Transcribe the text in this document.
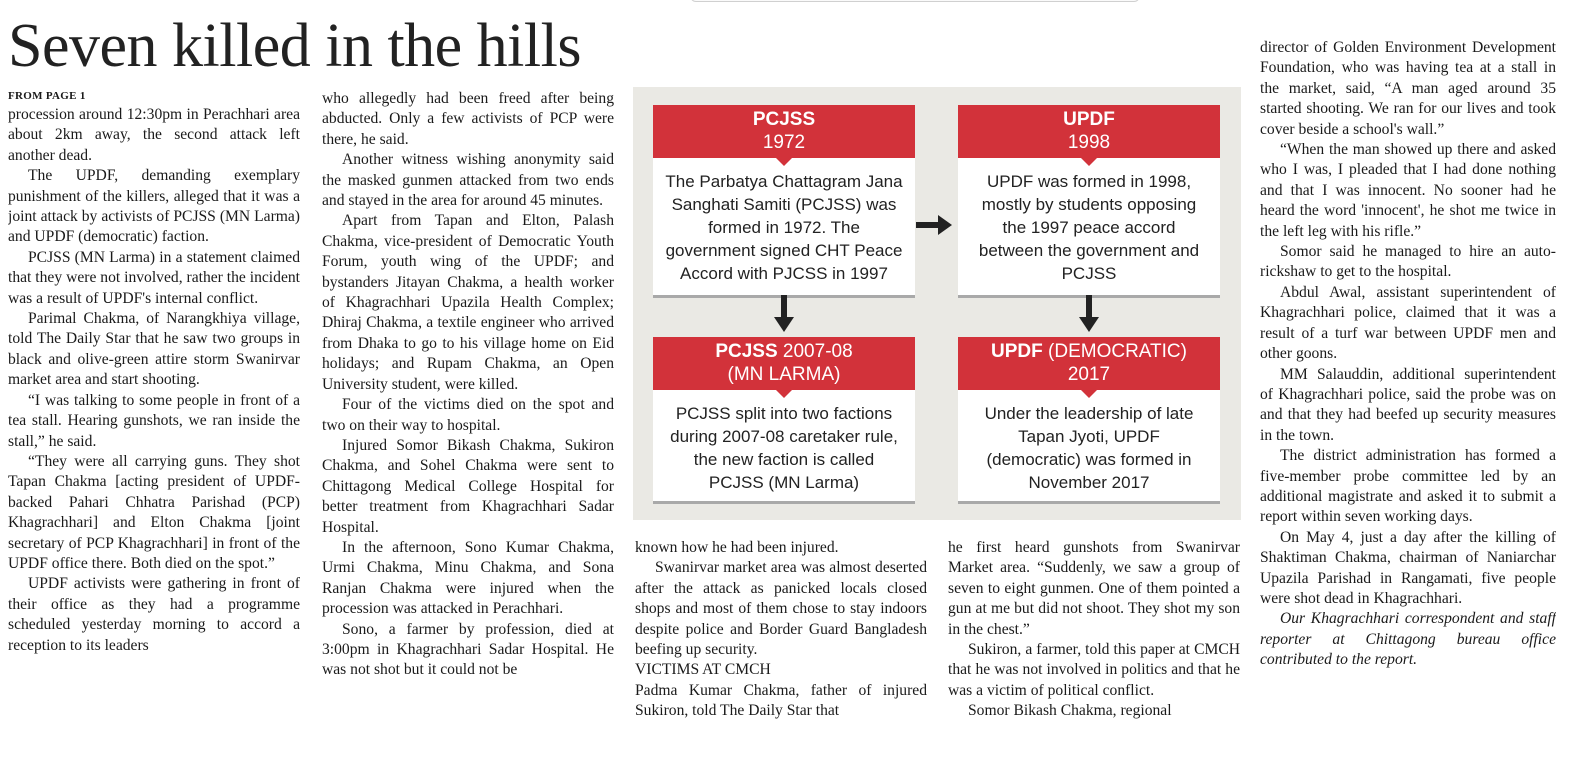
Seven killed in the hills
FROM PAGE 1

procession around 12:30pm in Perachhari area about 2km away, the second attack left another dead.

The UPDF, demanding exemplary punishment of the killers, alleged that it was a joint attack by activists of PCJSS (MN Larma) and UPDF (democratic) faction.

PCJSS (MN Larma) in a statement claimed that they were not involved, rather the incident was a result of UPDF's internal conflict.

Parimal Chakma, of Narangkhiya village, told The Daily Star that he saw two groups in black and olive-green attire storm Swanirvar market area and start shooting.

“I was talking to some people in front of a tea stall. Hearing gunshots, we ran inside the stall,” he said.

“They were all carrying guns. They shot Tapan Chakma [acting president of UPDF-backed Pahari Chhatra Parishad (PCP) Khagrachhari] and Elton Chakma [joint secretary of PCP Khagrachhari] in front of the UPDF office there. Both died on the spot.”

UPDF activists were gathering in front of their office as they had a programme scheduled yesterday morning to accord a reception to its leaders

who allegedly had been freed after being abducted. Only a few activists of PCP were there, he said.

Another witness wishing anonymity said the masked gunmen attacked from two ends and stayed in the area for around 45 minutes.

Apart from Tapan and Elton, Palash Chakma, vice-president of Democratic Youth Forum, youth wing of the UPDF; and bystanders Jitayan Chakma, a health worker of Khagrachhari Upazila Health Complex; Dhiraj Chakma, a textile engineer who arrived from Dhaka to go to his village home on Eid holidays; and Rupam Chakma, an Open University student, were killed.

Four of the victims died on the spot and two on their way to hospital.

Injured Somor Bikash Chakma, Sukiron Chakma, and Sohel Chakma were sent to Chittagong Medical College Hospital for better treatment from Khagrachhari Sadar Hospital.

In the afternoon, Sono Kumar Chakma, Urmi Chakma, Minu Chakma, and Sona Ranjan Chakma were injured when the procession was attacked in Perachhari.

Sono, a farmer by profession, died at 3:00pm in Khagrachhari Sadar Hospital. He was not shot but it could not be

PCJSS
1972
The Parbatya Chattagram Jana Sanghati Samiti (PCJSS) was formed in 1972. The government signed CHT Peace Accord with PJCSS in 1997
UPDF
1998
UPDF was formed in 1998, mostly by students opposing the 1997 peace accord between the government and PCJSS
PCJSS 2007-08
(MN LARMA)
PCJSS split into two factions during 2007-08 caretaker rule, the new faction is called PCJSS (MN Larma)
UPDF (DEMOCRATIC)
2017
Under the leadership of late Tapan Jyoti, UPDF (democratic) was formed in November 2017

known how he had been injured.

Swanirvar market area was almost deserted after the attack as panicked locals closed shops and most of them chose to stay indoors despite police and Border Guard Bangladesh beefing up security.

VICTIMS AT CMCH

Padma Kumar Chakma, father of injured Sukiron, told The Daily Star that

he first heard gunshots from Swanirvar Market area. “Suddenly, we saw a group of seven to eight gunmen. One of them pointed a gun at me but did not shoot. They shot my son in the chest.”

Sukiron, a farmer, told this paper at CMCH that he was not involved in politics and that he was a victim of political conflict.

Somor Bikash Chakma, regional

director of Golden Environment Development Foundation, who was having tea at a stall in the market, said, “A man aged around 35 started shooting. We ran for our lives and took cover beside a school's wall.”

“When the man showed up there and asked who I was, I pleaded that I had done nothing and that I was innocent. No sooner had he heard the word 'innocent', he shot me twice in the left leg with his rifle.”

Somor said he managed to hire an auto-rickshaw to get to the hospital.

Abdul Awal, assistant superintendent of Khagrachhari police, claimed that it was a result of a turf war between UPDF men and other goons.

MM Salauddin, additional superintendent of Khagrachhari police, said the probe was on and that they had beefed up security measures in the town.

The district administration has formed a five-member probe committee led by an additional magistrate and asked it to submit a report within seven working days.

On May 4, just a day after the killing of Shaktiman Chakma, chairman of Naniarchar Upazila Parishad in Rangamati, five people were shot dead in Khagrachhari.

Our Khagrachhari correspondent and staff reporter at Chittagong bureau office contributed to the report.
